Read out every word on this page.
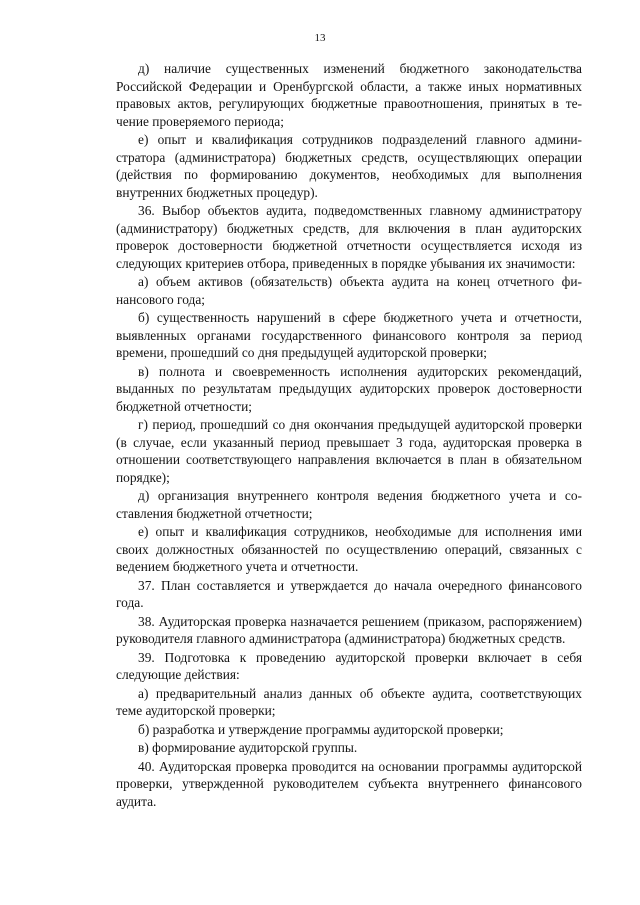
13

д) наличие существенных изменений бюджетного законодательства Российской Федерации и Оренбургской области, а также иных нормативных правовых актов, регулирующих бюджетные правоотношения, принятых в течение проверяемого периода;

е) опыт и квалификация сотрудников подразделений главного администратора (администратора) бюджетных средств, осуществляющих операции (действия по формированию документов, необходимых для выполнения внутренних бюджетных процедур).

36. Выбор объектов аудита, подведомственных главному администратору (администратору) бюджетных средств, для включения в план аудиторских проверок достоверности бюджетной отчетности осуществляется исходя из следующих критериев отбора, приведенных в порядке убывания их значимости:

а) объем активов (обязательств) объекта аудита на конец отчетного финансового года;

б) существенность нарушений в сфере бюджетного учета и отчетности, выявленных органами государственного финансового контроля за период времени, прошедший со дня предыдущей аудиторской проверки;

в) полнота и своевременность исполнения аудиторских рекомендаций, выданных по результатам предыдущих аудиторских проверок достоверности бюджетной отчетности;

г) период, прошедший со дня окончания предыдущей аудиторской проверки (в случае, если указанный период превышает 3 года, аудиторская проверка в отношении соответствующего направления включается в план в обязательном порядке);

д) организация внутреннего контроля ведения бюджетного учета и составления бюджетной отчетности;

е) опыт и квалификация сотрудников, необходимые для исполнения ими своих должностных обязанностей по осуществлению операций, связанных с ведением бюджетного учета и отчетности.

37. План составляется и утверждается до начала очередного финансового года.

38. Аудиторская проверка назначается решением (приказом, распоряжением) руководителя главного администратора (администратора) бюджетных средств.

39. Подготовка к проведению аудиторской проверки включает в себя следующие действия:

а) предварительный анализ данных об объекте аудита, соответствующих теме аудиторской проверки;

б) разработка и утверждение программы аудиторской проверки;

в) формирование аудиторской группы.

40. Аудиторская проверка проводится на основании программы аудиторской проверки, утвержденной руководителем субъекта внутреннего финансового аудита.
